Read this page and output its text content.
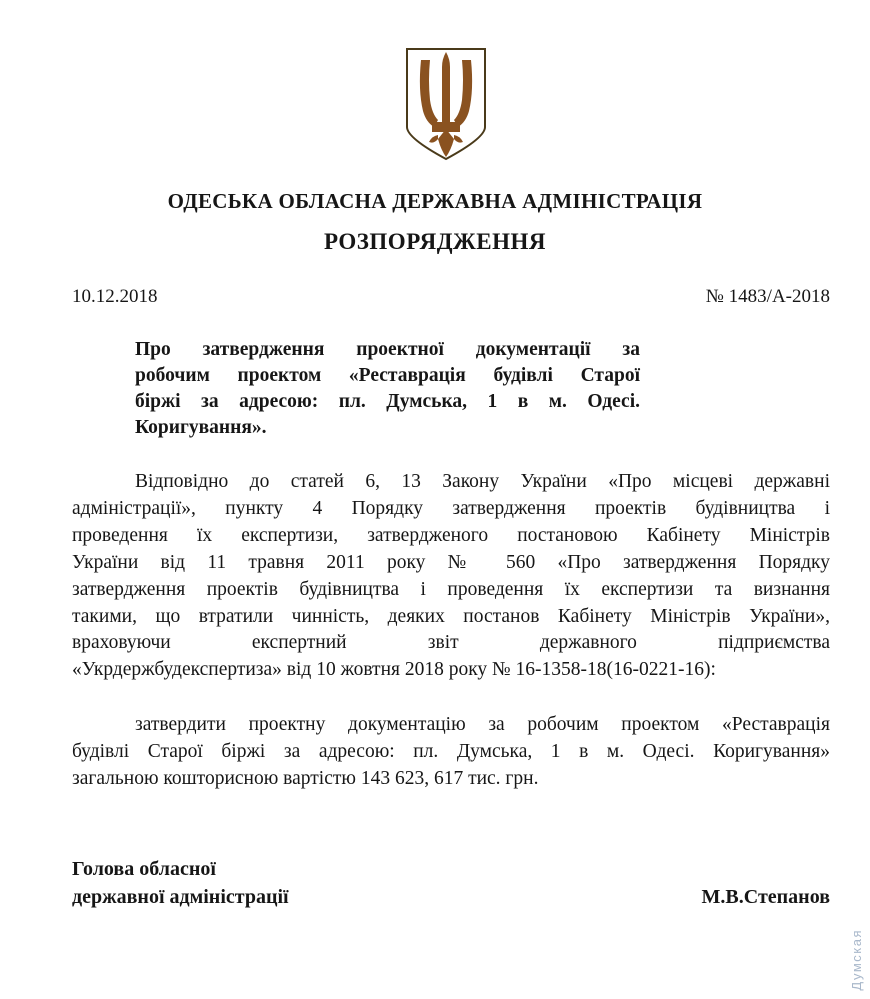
ОДЕСЬКА ОБЛАСНА ДЕРЖАВНА АДМІНІСТРАЦІЯ
РОЗПОРЯДЖЕННЯ
10.12.2018	№ 1483/А-2018
Про затвердження проектної документації за
робочим проектом «Реставрація будівлі Старої
біржі за адресою: пл. Думська, 1 в м. Одесі.
Коригування».
Відповідно до статей 6, 13 Закону України «Про місцеві державні
адміністрації», пункту 4 Порядку затвердження проектів будівництва і
проведення їх експертизи, затвердженого постановою Кабінету Міністрів
України від 11 травня 2011 року № 560 «Про затвердження Порядку
затвердження проектів будівництва і проведення їх експертизи та визнання
такими, що втратили чинність, деяких постанов Кабінету Міністрів України»,
враховуючи експертний звіт державного підприємства
«Укрдержбудекспертиза» від 10 жовтня 2018 року № 16-1358-18(16-0221-16):
затвердити проектну документацію за робочим проектом «Реставрація
будівлі Старої біржі за адресою: пл. Думська, 1 в м. Одесі. Коригування»
загальною кошторисною вартістю 143 623, 617 тис. грн.
Голова обласної
державної адміністрації	М.В.Степанов
Думская
